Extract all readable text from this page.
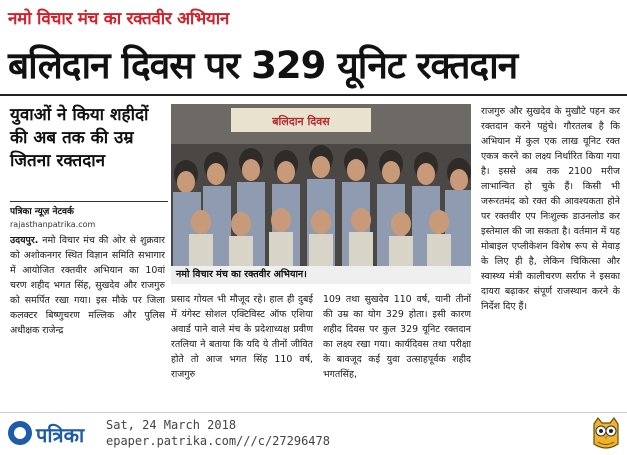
नमो विचार मंच का रक्तवीर अभियान
बलिदान दिवस पर 329 यूनिट रक्तदान
युवाओं ने किया शहीदों की अब तक की उम्र जितना रक्तदान
पत्रिका न्यूज़ नेटवर्क
rajasthanpatrika.com
उदयपुर. नमो विचार मंच की ओर से शुक्रवार को अशोकनगर स्थित विज्ञान समिति सभागार में आयोजित रक्तवीर अभियान का 10वां चरण शहीद भगत सिंह, सुखदेव और राजगुरु को समर्पित रखा गया। इस मौके पर जिला कलक्टर बिष्णुचरण मल्लिक और पुलिस अधीक्षक राजेन्द्र
बलिदान दिवस
नमो विचार मंच का रक्तवीर अभियान।
प्रसाद गोयल भी मौजूद रहे। हाल ही दुबई में यंगेस्ट सोशल एक्टिविस्ट ऑफ एशिया अवार्ड पाने वाले मंच के प्रदेशाध्यक्ष प्रवीण रतलिया ने बताया कि यदि ये तीनों जीवित होते तो आज भगत सिंह 110 वर्ष, राजगुरु
109 तथा सुखदेव 110 वर्ष, यानी तीनों की उम्र का योग 329 होता। इसी कारण शहीद दिवस पर कुल 329 यूनिट रक्तदान का लक्ष्य रखा गया। कार्यदिवस तथा परीक्षा के बावजूद कई युवा उत्साहपूर्वक शहीद भगतसिंह,
राजगुरु और सुखदेव के मुखौटे पहन कर रक्तदान करने पहुंचे। गौरतलब है कि अभियान में कुल एक लाख यूनिट रक्त एकत्र करने का लक्ष्य निर्धारित किया गया है। इससे अब तक 2100 मरीज लाभान्वित हो चुके हैं। किसी भी जरूरतमंद को रक्त की आवश्यकता होने पर रक्तवीर एप निःशुल्क डाउनलोड कर इस्तेमाल की जा सकता है। वर्तमान में यह मोबाइल एप्लीकेशन विशेष रूप से मेवाड़ के लिए ही है, लेकिन चिकित्सा और स्वास्थ्य मंत्री कालीचरण सर्राफ ने इसका दायरा बढ़ाकर संपूर्ण राजस्थान करने के निर्देश दिए हैं।
पत्रिका Sat, 24 March 2018
epaper.patrika.com///c/27296478
